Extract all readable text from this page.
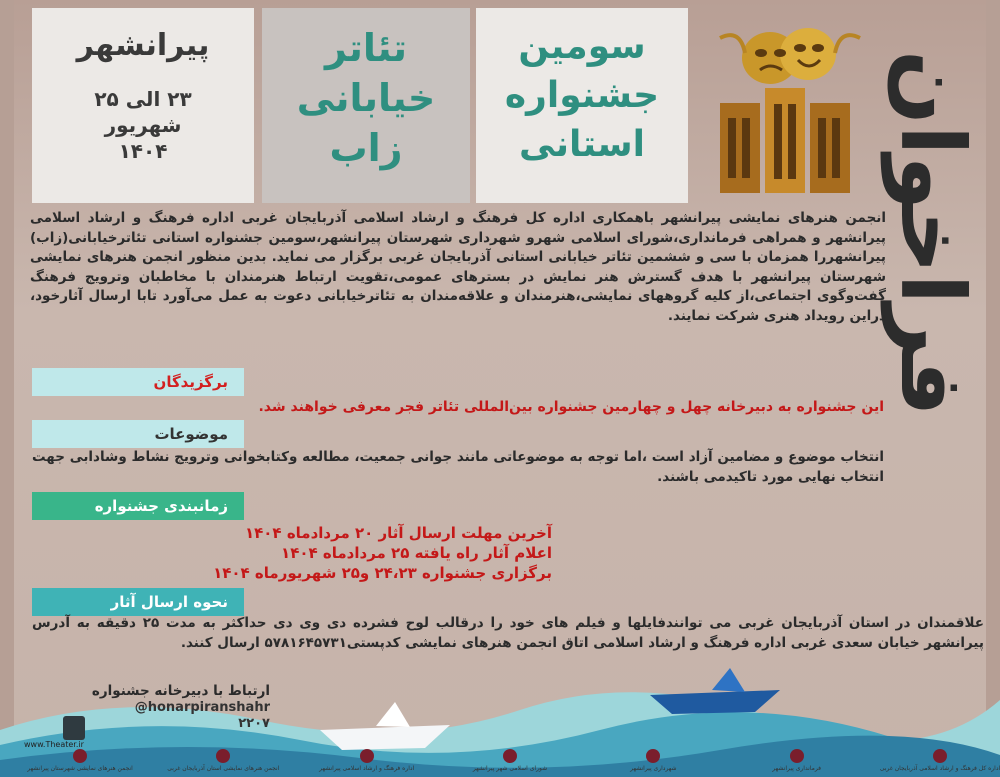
پیرانشهر
۲۳ الی ۲۵
شهریور
۱۴۰۴
تئاتر
خیابانی
زاب
سومین
جشنواره
استانی	فراخوان
انجمن هنرهای نمایشی پیرانشهر باهمکاری اداره کل فرهنگ و ارشاد اسلامی آذربایجان غربی اداره فرهنگ و ارشاد اسلامی پیرانشهر و همراهی فرمانداری،شورای اسلامی شهرو شهرداری شهرستان پیرانشهر،سومین جشنواره استانی تئاترخیابانی(زاب) پیرانشهررا همزمان با سی و ششمین تئاتر خیابانی استانی آذربایجان غربی برگزار می نماید. بدین منظور انجمن هنرهای نمایشی شهرستان پیرانشهر با هدف گسترش هنر نمایش در بسترهای عمومی،تقویت ارتباط هنرمندان با مخاطبان وترویج فرهنگ گفت‌وگوی اجتماعی،از کلیه گروههای نمایشی،هنرمندان و علاقه‌مندان به تئاترخیابانی دعوت به عمل می‌آورد تابا ارسال آثارخود، دراین رویداد هنری شرکت نمایند.
برگزیدگان
این جشنواره به دبیرخانه چهل و چهارمین جشنواره بین‌المللی تئاتر فجر معرفی خواهند شد.
موضوعات
انتخاب موضوع و مضامین آزاد است ،اما توجه به موضوعاتی مانند جوانی جمعیت، مطالعه وکتابخوانی وترویج نشاط وشادابی جهت انتخاب نهایی مورد تاکیدمی باشند.
زمانبندی جشنواره
آخرین مهلت ارسال آثار ۲۰ مردادماه ۱۴۰۴
اعلام آثار راه یافته ۲۵ مردادماه ۱۴۰۴
برگزاری جشنواره ۲۴،۲۳ و۲۵ شهریورماه ۱۴۰۴
نحوه ارسال آثار
علاقمندان در استان آذربایجان غربی می توانندفایلها و فیلم های خود را درقالب لوح فشرده دی وی دی حداکثر به مدت ۲۵ دقیقه به آدرس پیرانشهر خیابان سعدی غربی اداره فرهنگ و ارشاد اسلامی اتاق انجمن هنرهای نمایشی کدپستی۵۷۸۱۶۴۵۷۳۱ ارسال کنند.
ارتباط با دبیرخانه جشنواره
@honarpiranshahr
۲۲۰۷
www.Theater.ir
انجمن هنرهای نمایشی شهرستان پیرانشهر	انجمن هنرهای نمایشی استان آذربایجان غربی	اداره فرهنگ و ارشاد اسلامی پیرانشهر	شورای اسلامی شهر پیرانشهر	شهرداری پیرانشهر	فرمانداری پیرانشهر	اداره کل فرهنگ و ارشاد اسلامی آذربایجان غربی
